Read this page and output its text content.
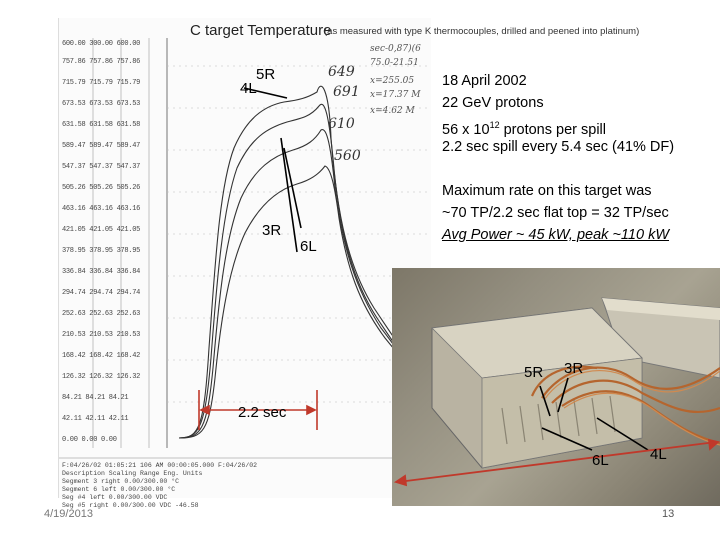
C target Temperature
(as measured with type K thermocouples, drilled and peened into platinum)
600.00 300.00 600.00
757.86 757.86 757.86
715.79 715.79 715.79
673.53 673.53 673.53
631.58 631.58 631.58
589.47 589.47 589.47
547.37 547.37 547.37
505.26 505.26 505.26
463.16 463.16 463.16
421.05 421.05 421.05
378.95 378.95 378.95
336.84 336.84 336.84
294.74 294.74 294.74
252.63 252.63 252.63
210.53 210.53 210.53
168.42 168.42 168.42
126.32 126.32 126.32
84.21 84.21 84.21
42.11 42.11 42.11
0.00 0.00 0.00
649
691
610
560
sec-0,87)(6
75.0-21.51
x=255.05
x=17.37 M
x=4.62 M
4L
5R
3R
6L
2.2 sec
F:04/26/02 01:05:21 106 AM 00:00:05.000 F:04/26/02
Description Scaling Range Eng. Units
Segment 3 right 0.00/300.00 °C
Segment 6 left 0.00/300.00 °C
Seg #4 left 0.00/300.00 VDC
Seg #5 right 0.00/300.00 VDC -46.58
18 April 2002
22 GeV protons
56 x $10^{12}$ protons per spill
2.2 sec spill every 5.4 sec (41% DF)
Maximum rate on this target was
~70 TP/2.2 sec flat top = 32 TP/sec
Avg Power ~ 45 kW, peak ~110 kW
5R 3R
6L	4L
4/19/2013	13
